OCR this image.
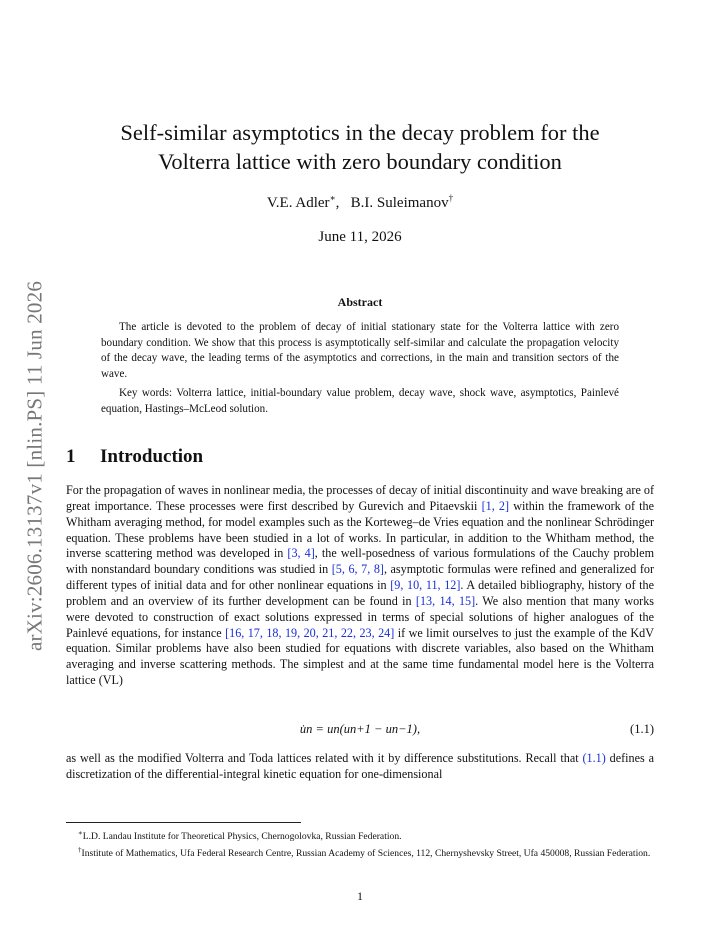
arXiv:2606.13137v1 [nlin.PS] 11 Jun 2026
Self-similar asymptotics in the decay problem for the
Volterra lattice with zero boundary condition
V.E. Adler∗,   B.I. Suleimanov†
June 11, 2026
Abstract

The article is devoted to the problem of decay of initial stationary state for the Volterra lattice with zero boundary condition. We show that this process is asymptotically self-similar and calculate the propagation velocity of the decay wave, the leading terms of the asymptotics and corrections, in the main and transition sectors of the wave.

Key words: Volterra lattice, initial-boundary value problem, decay wave, shock wave, asymptotics, Painlevé equation, Hastings–McLeod solution.

1 Introduction

For the propagation of waves in nonlinear media, the processes of decay of initial discontinuity and wave breaking are of great importance. These processes were first described by Gurevich and Pitaevskii [1, 2] within the framework of the Whitham averaging method, for model examples such as the Korteweg–de Vries equation and the nonlinear Schrödinger equation. These problems have been studied in a lot of works. In particular, in addition to the Whitham method, the inverse scattering method was developed in [3, 4], the well-posedness of various formulations of the Cauchy problem with nonstandard boundary conditions was studied in [5, 6, 7, 8], asymptotic formulas were refined and generalized for different types of initial data and for other nonlinear equations in [9, 10, 11, 12]. A detailed bibliography, history of the problem and an overview of its further development can be found in [13, 14, 15]. We also mention that many works were devoted to construction of exact solutions expressed in terms of special solutions of higher analogues of the Painlevé equations, for instance [16, 17, 18, 19, 20, 21, 22, 23, 24] if we limit ourselves to just the example of the KdV equation. Similar problems have also been studied for equations with discrete variables, also based on the Whitham averaging and inverse scattering methods. The simplest and at the same time fundamental model here is the Volterra lattice (VL)

u̇n = un(un+1 − un−1),	(1.1)

as well as the modified Volterra and Toda lattices related with it by difference substitutions. Recall that (1.1) defines a discretization of the differential-integral kinetic equation for one-dimensional

∗L.D. Landau Institute for Theoretical Physics, Chernogolovka, Russian Federation.

†Institute of Mathematics, Ufa Federal Research Centre, Russian Academy of Sciences, 112, Chernyshevsky Street, Ufa 450008, Russian Federation.

1
